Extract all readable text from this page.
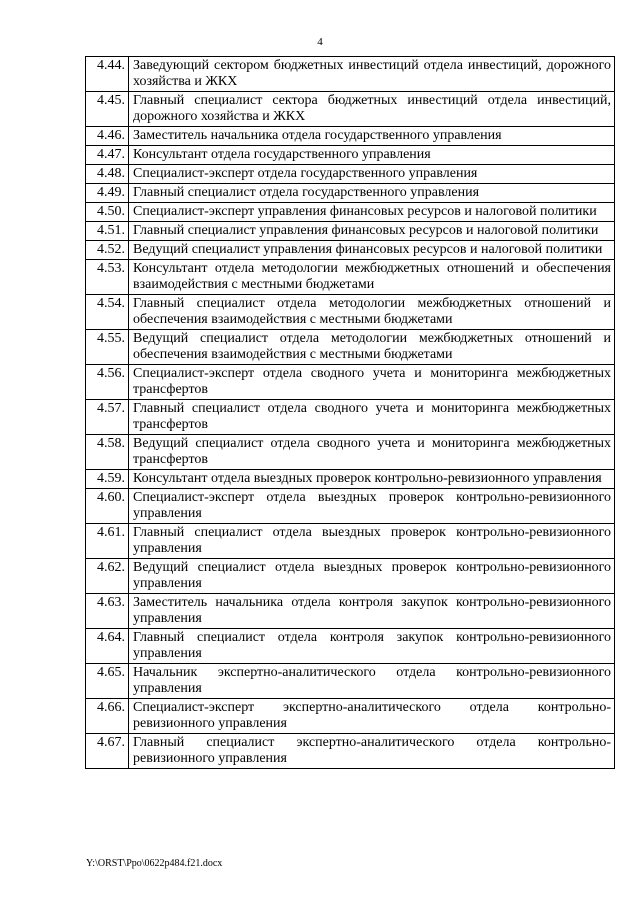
4
4.44.	Заведующий сектором бюджетных инвестиций отдела инвестиций, дорожного хозяйства и ЖКХ
4.45.	Главный специалист сектора бюджетных инвестиций отдела инвестиций, дорожного хозяйства и ЖКХ
4.46.	Заместитель начальника отдела государственного управления
4.47.	Консультант отдела государственного управления
4.48.	Специалист-эксперт отдела государственного управления
4.49.	Главный специалист отдела государственного управления
4.50.	Специалист-эксперт управления финансовых ресурсов и налоговой политики
4.51.	Главный специалист управления финансовых ресурсов и налоговой политики
4.52.	Ведущий специалист управления финансовых ресурсов и налоговой политики
4.53.	Консультант отдела методологии межбюджетных отношений и обеспечения взаимодействия с местными бюджетами
4.54.	Главный специалист отдела методологии межбюджетных отношений и обеспечения взаимодействия с местными бюджетами
4.55.	Ведущий специалист отдела методологии межбюджетных отношений и обеспечения взаимодействия с местными бюджетами
4.56.	Специалист-эксперт отдела сводного учета и мониторинга межбюджетных трансфертов
4.57.	Главный специалист отдела сводного учета и мониторинга межбюджетных трансфертов
4.58.	Ведущий специалист отдела сводного учета и мониторинга межбюджетных трансфертов
4.59.	Консультант отдела выездных проверок контрольно-ревизионного управления
4.60.	Специалист-эксперт отдела выездных проверок контрольно-ревизионного управления
4.61.	Главный специалист отдела выездных проверок контрольно-ревизионного управления
4.62.	Ведущий специалист отдела выездных проверок контрольно-ревизионного управления
4.63.	Заместитель начальника отдела контроля закупок контрольно-ревизионного управления
4.64.	Главный специалист отдела контроля закупок контрольно-ревизионного управления
4.65.	Начальник экспертно-аналитического отдела контрольно-ревизионного управления
4.66.	Специалист-эксперт экспертно-аналитического отдела контрольно-ревизионного управления
4.67.	Главный специалист экспертно-аналитического отдела контрольно-ревизионного управления
Y:\ORST\Ppo\0622p484.f21.docx
